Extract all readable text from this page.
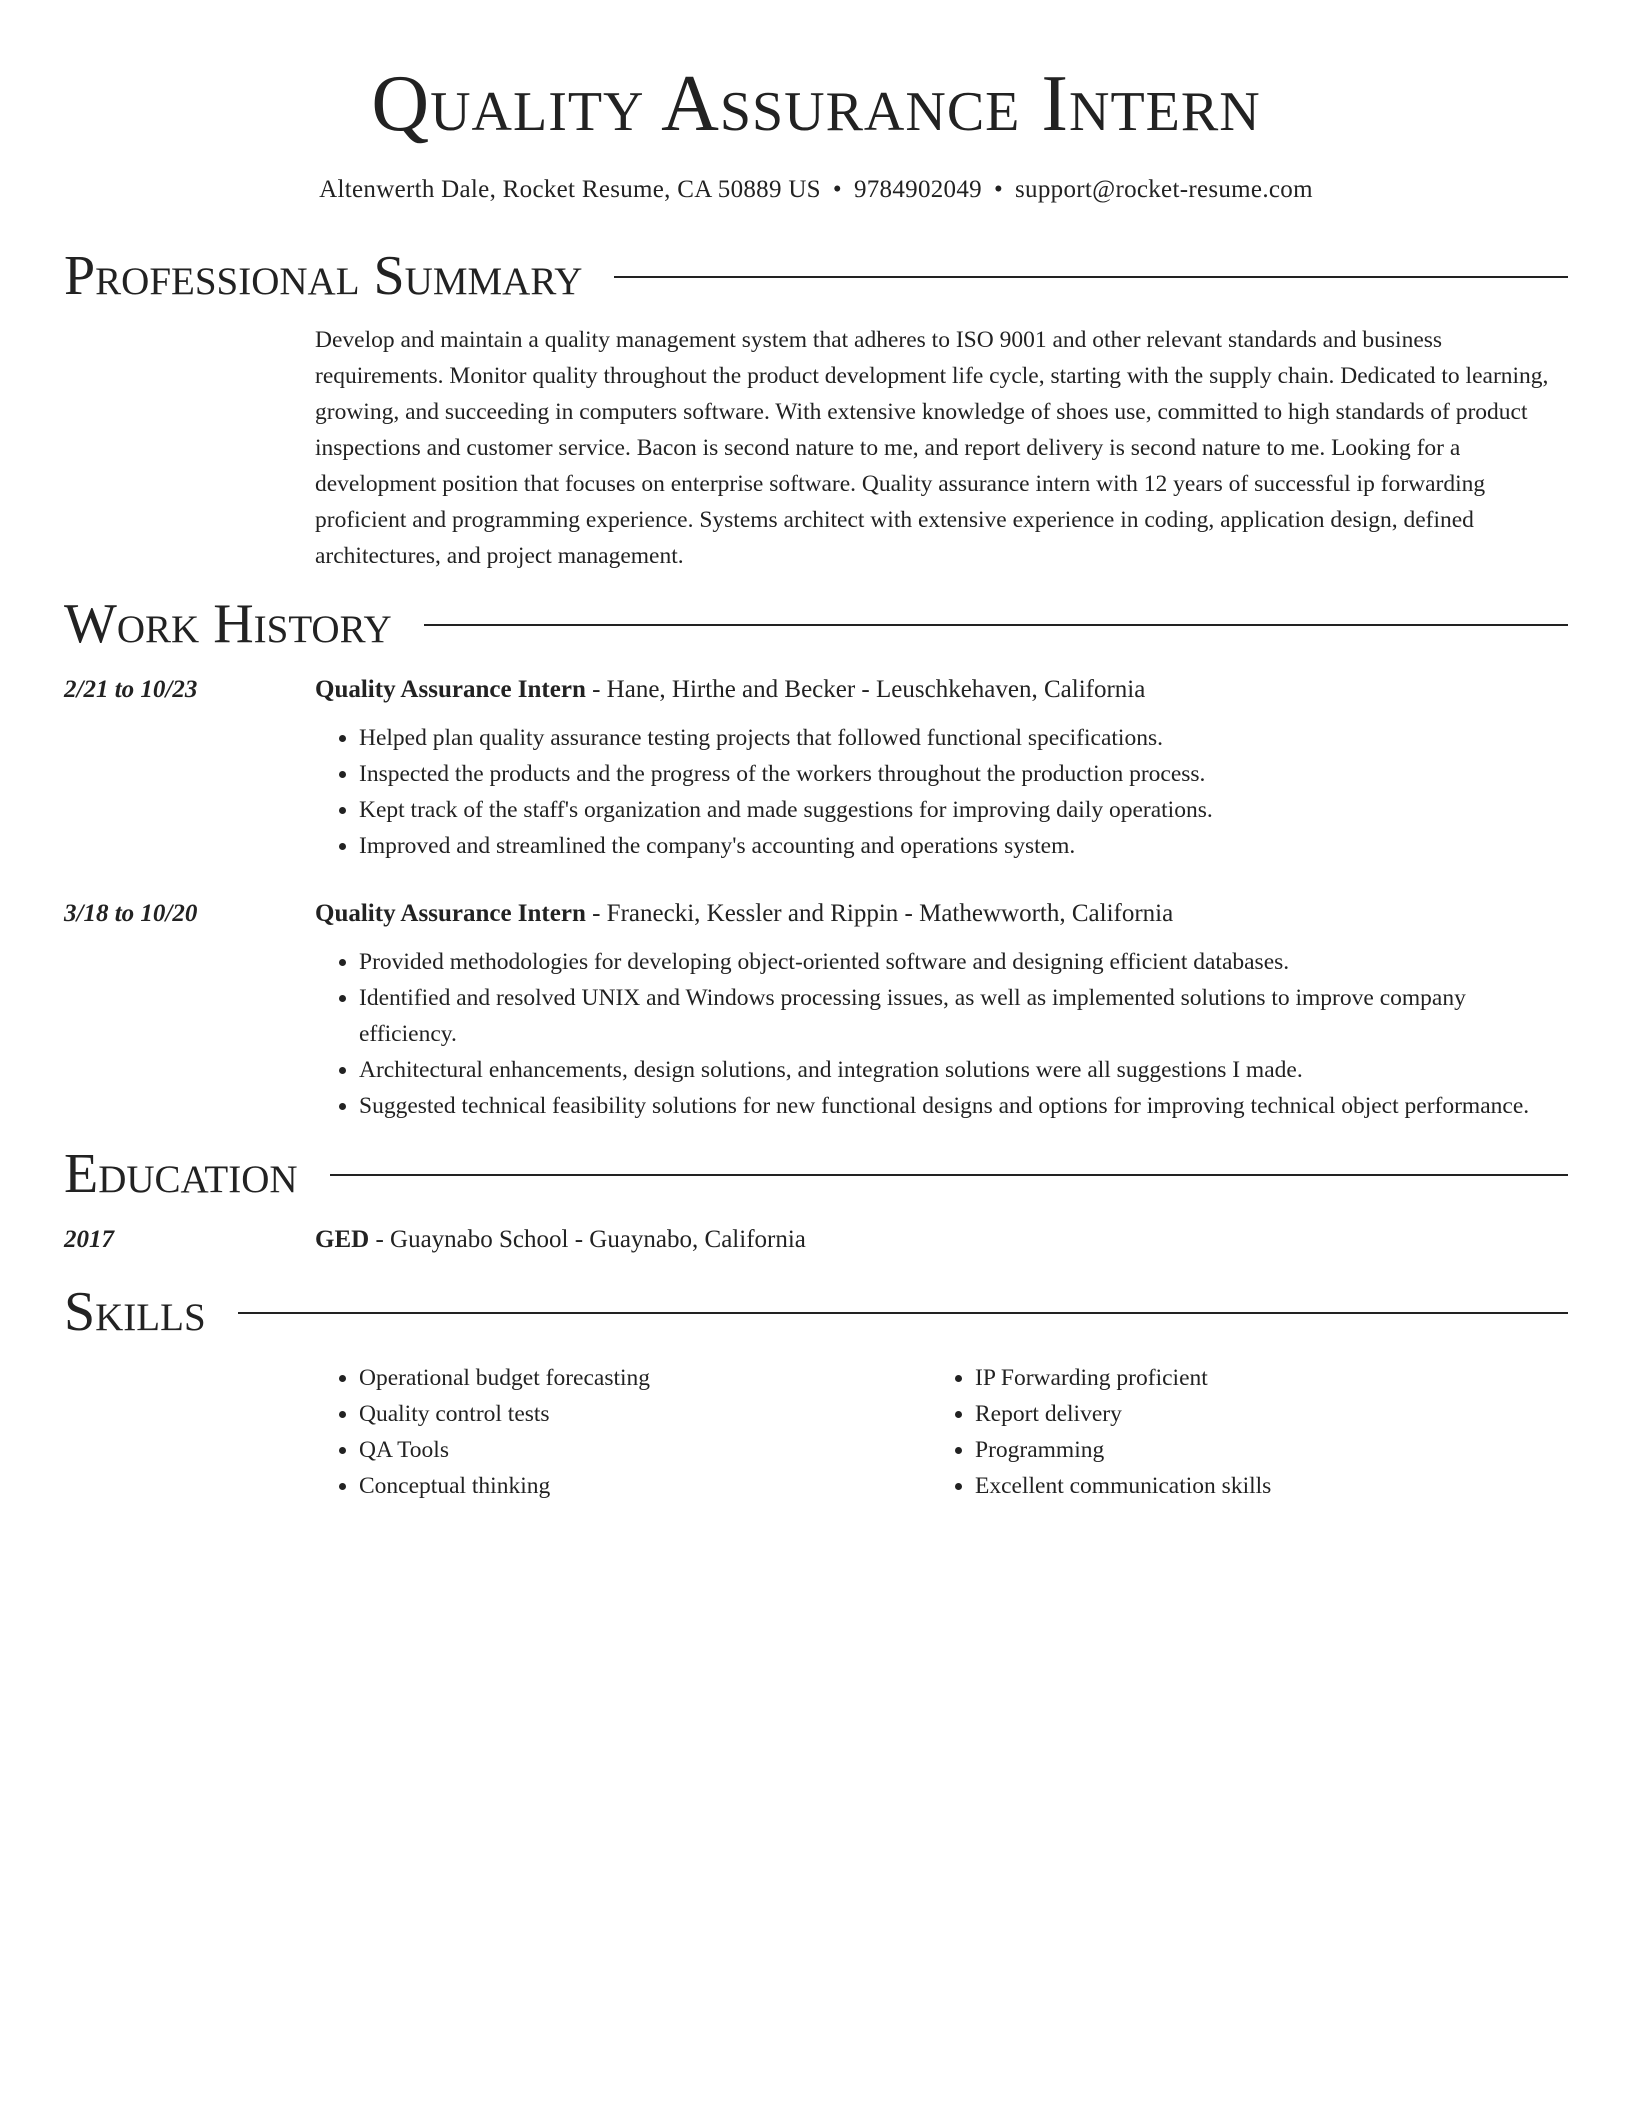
Quality Assurance Intern
Altenwerth Dale, Rocket Resume, CA 50889 US • 9784902049 • support@rocket-resume.com
Professional Summary
Develop and maintain a quality management system that adheres to ISO 9001 and other relevant standards and business requirements. Monitor quality throughout the product development life cycle, starting with the supply chain. Dedicated to learning, growing, and succeeding in computers software. With extensive knowledge of shoes use, committed to high standards of product inspections and customer service. Bacon is second nature to me, and report delivery is second nature to me. Looking for a development position that focuses on enterprise software. Quality assurance intern with 12 years of successful ip forwarding proficient and programming experience. Systems architect with extensive experience in coding, application design, defined architectures, and project management.
Work History
2/21 to 10/23	Quality Assurance Intern - Hane, Hirthe and Becker - Leuschkehaven, California
• Helped plan quality assurance testing projects that followed functional specifications.
• Inspected the products and the progress of the workers throughout the production process.
• Kept track of the staff's organization and made suggestions for improving daily operations.
• Improved and streamlined the company's accounting and operations system.
3/18 to 10/20	Quality Assurance Intern - Franecki, Kessler and Rippin - Mathewworth, California
• Provided methodologies for developing object-oriented software and designing efficient databases.
• Identified and resolved UNIX and Windows processing issues, as well as implemented solutions to improve company efficiency.
• Architectural enhancements, design solutions, and integration solutions were all suggestions I made.
• Suggested technical feasibility solutions for new functional designs and options for improving technical object performance.
Education
2017	GED - Guaynabo School - Guaynabo, California
Skills
• Operational budget forecasting
• Quality control tests
• QA Tools
• Conceptual thinking
• IP Forwarding proficient
• Report delivery
• Programming
• Excellent communication skills
